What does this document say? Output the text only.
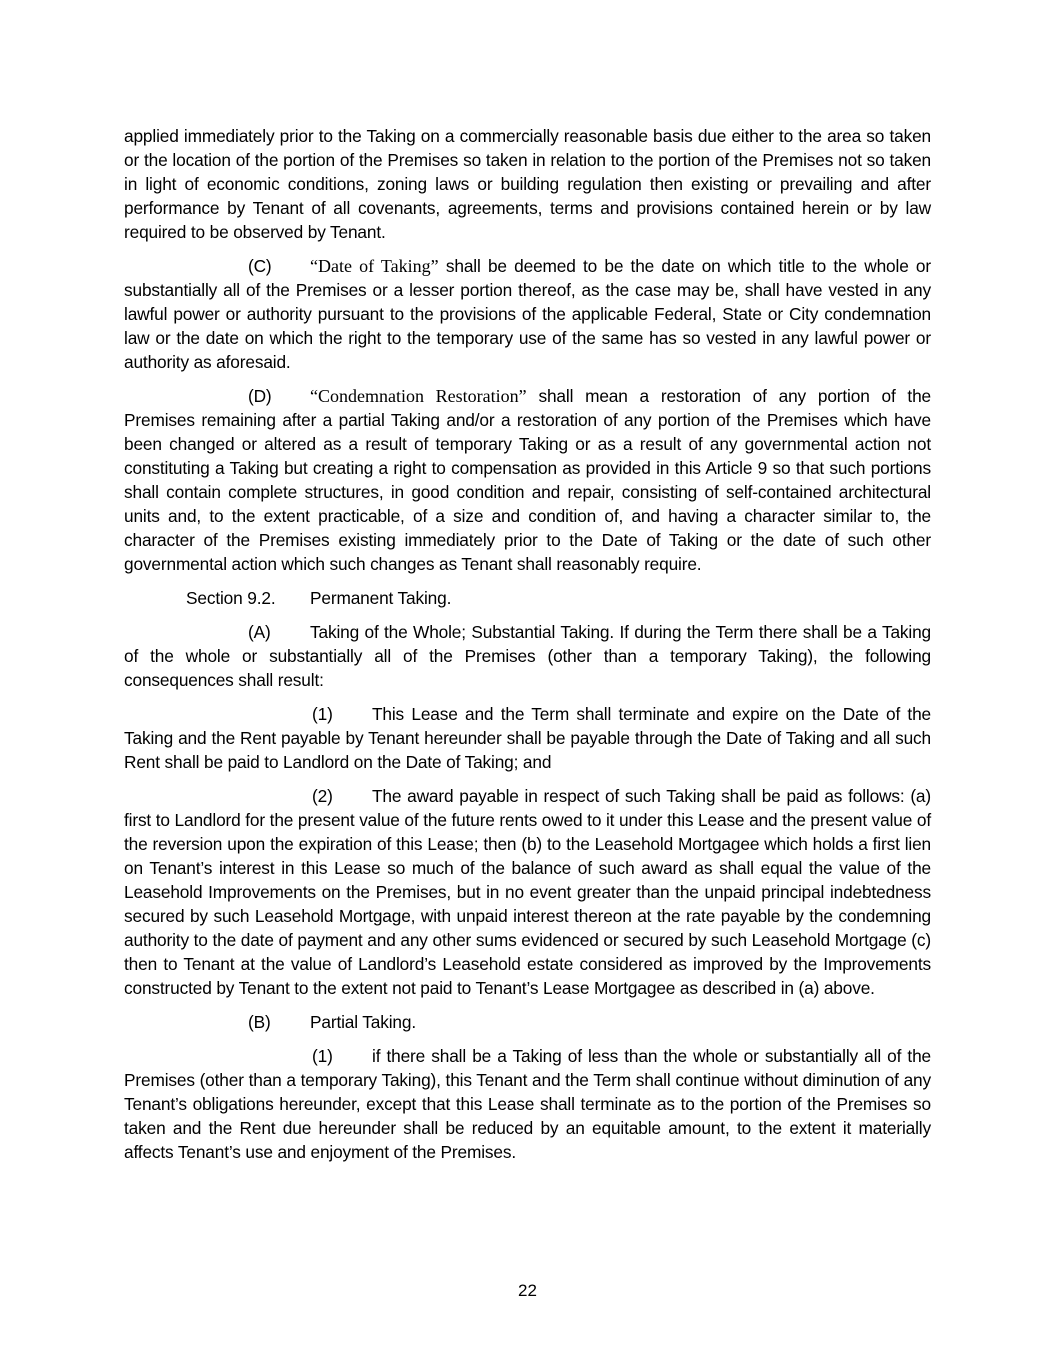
applied immediately prior to the Taking on a commercially reasonable basis due either to the area so taken or the location of the portion of the Premises so taken in relation to the portion of the Premises not so taken in light of economic conditions, zoning laws or building regulation then existing or prevailing and after performance by Tenant of all covenants, agreements, terms and provisions contained herein or by law required to be observed by Tenant.

(C) “Date of Taking” shall be deemed to be the date on which title to the whole or substantially all of the Premises or a lesser portion thereof, as the case may be, shall have vested in any lawful power or authority pursuant to the provisions of the applicable Federal, State or City condemnation law or the date on which the right to the temporary use of the same has so vested in any lawful power or authority as aforesaid.

(D) “Condemnation Restoration” shall mean a restoration of any portion of the Premises remaining after a partial Taking and/or a restoration of any portion of the Premises which have been changed or altered as a result of temporary Taking or as a result of any governmental action not constituting a Taking but creating a right to compensation as provided in this Article 9 so that such portions shall contain complete structures, in good condition and repair, consisting of self-contained architectural units and, to the extent practicable, of a size and condition of, and having a character similar to, the character of the Premises existing immediately prior to the Date of Taking or the date of such other governmental action which such changes as Tenant shall reasonably require.

Section 9.2. Permanent Taking.

(A) Taking of the Whole; Substantial Taking. If during the Term there shall be a Taking of the whole or substantially all of the Premises (other than a temporary Taking), the following consequences shall result:

(1) This Lease and the Term shall terminate and expire on the Date of the Taking and the Rent payable by Tenant hereunder shall be payable through the Date of Taking and all such Rent shall be paid to Landlord on the Date of Taking; and

(2) The award payable in respect of such Taking shall be paid as follows: (a) first to Landlord for the present value of the future rents owed to it under this Lease and the present value of the reversion upon the expiration of this Lease; then (b) to the Leasehold Mortgagee which holds a first lien on Tenant’s interest in this Lease so much of the balance of such award as shall equal the value of the Leasehold Improvements on the Premises, but in no event greater than the unpaid principal indebtedness secured by such Leasehold Mortgage, with unpaid interest thereon at the rate payable by the condemning authority to the date of payment and any other sums evidenced or secured by such Leasehold Mortgage (c) then to Tenant at the value of Landlord’s Leasehold estate considered as improved by the Improvements constructed by Tenant to the extent not paid to Tenant’s Lease Mortgagee as described in (a) above.

(B) Partial Taking.

(1) if there shall be a Taking of less than the whole or substantially all of the Premises (other than a temporary Taking), this Tenant and the Term shall continue without diminution of any Tenant’s obligations hereunder, except that this Lease shall terminate as to the portion of the Premises so taken and the Rent due hereunder shall be reduced by an equitable amount, to the extent it materially affects Tenant’s use and enjoyment of the Premises.

22
